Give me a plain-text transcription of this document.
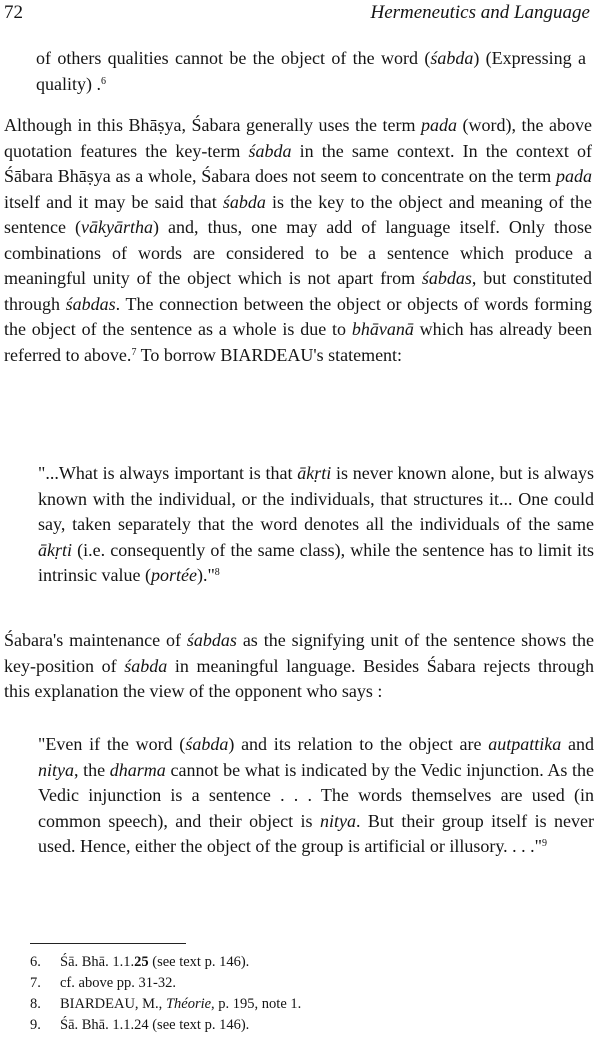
72	Hermeneutics and Language

of others qualities cannot be the object of the word (śabda) (Expressing a quality) .$^6$

Although in this Bhāṣya, Śabara generally uses the term pada (word), the above quotation features the key-term śabda in the same context. In the context of Śābara Bhāṣya as a whole, Śabara does not seem to concentrate on the term pada itself and it may be said that śabda is the key to the object and meaning of the sentence (vākyārtha) and, thus, one may add of language itself. Only those combinations of words are considered to be a sentence which produce a meaningful unity of the object which is not apart from śabdas, but constituted through śabdas. The connection between the object or objects of words forming the object of the sentence as a whole is due to bhāvanā which has already been referred to above.$^7$ To borrow BIARDEAU's statement:

"...What is always important is that ākṛti is never known alone, but is always known with the individual, or the individuals, that structures it... One could say, taken separately that the word denotes all the individuals of the same ākṛti (i.e. consequently of the same class), while the sentence has to limit its intrinsic value (portée)."$^8$

Śabara's maintenance of śabdas as the signifying unit of the sentence shows the key-position of śabda in meaningful language. Besides Śabara rejects through this explanation the view of the opponent who says :

"Even if the word (śabda) and its relation to the object are autpattika and nitya, the dharma cannot be what is indicated by the Vedic injunction. As the Vedic injunction is a sentence . . . The words themselves are used (in common speech), and their object is nitya. But their group itself is never used. Hence, either the object of the group is artificial or illusory. . . ."$^9$

6.	Śā. Bhā. 1.1.25 (see text p. 146).
7.	cf. above pp. 31-32.
8.	BIARDEAU, M., Théorie, p. 195, note 1.
9.	Śā. Bhā. 1.1.24 (see text p. 146).
